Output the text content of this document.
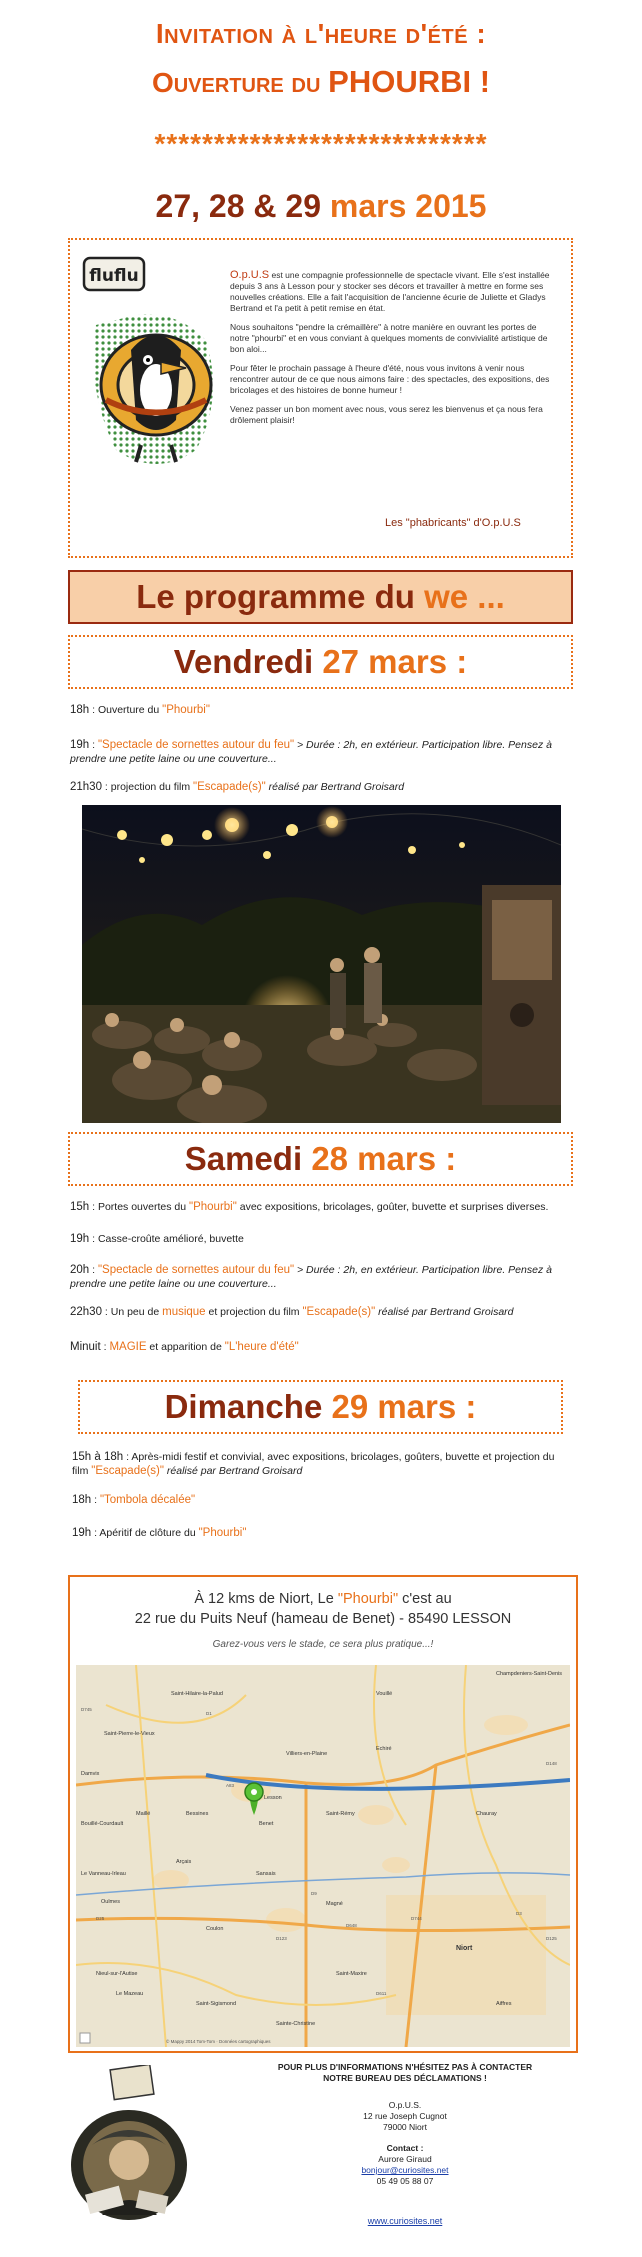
Invitation à l'heure d'été :
Ouverture du PHOURBI !
****************************
27, 28 & 29 mars 2015
fluflu	O.p.U.S est une compagnie professionnelle de spectacle vivant. Elle s'est installée depuis 3 ans à Lesson pour y stocker ses décors et travailler à mettre en forme ses nouvelles créations. Elle a fait l'acquisition de l'ancienne écurie de Juliette et Gladys Bertrand et l'a petit à petit remise en état.

Nous souhaitons "pendre la crémaillère" à notre manière en ouvrant les portes de notre "phourbi" et en vous conviant à quelques moments de convivialité artistique de bon aloi...

Pour fêter le prochain passage à l'heure d'été, nous vous invitons à venir nous rencontrer autour de ce que nous aimons faire : des spectacles, des expositions, des bricolages et des histoires de bonne humeur !

Venez passer un bon moment avec nous, vous serez les bienvenus et ça nous fera drôlement plaisir!

Les "phabricants" d'O.p.U.S
Le programme du we ...
Vendredi 27 mars :
18h : Ouverture du "Phourbi"
19h : "Spectacle de sornettes autour du feu" > Durée : 2h, en extérieur. Participation libre. Pensez à prendre une petite laine ou une couverture...
21h30 : projection du film "Escapade(s)" réalisé par Bertrand Groisard
Samedi 28 mars :
15h : Portes ouvertes du "Phourbi" avec expositions, bricolages, goûter, buvette et surprises diverses.
19h : Casse-croûte amélioré, buvette
20h : "Spectacle de sornettes autour du feu" > Durée : 2h, en extérieur. Participation libre. Pensez à prendre une petite laine ou une couverture...
22h30 : Un peu de musique et projection du film "Escapade(s)" réalisé par Bertrand Groisard
Minuit : MAGIE et apparition de "L'heure d'été"
Dimanche 29 mars :
15h à 18h : Après-midi festif et convivial, avec expositions, bricolages, goûters, buvette et projection du film "Escapade(s)" réalisé par Bertrand Groisard
18h : "Tombola décalée"
19h : Apéritif de clôture du "Phourbi"
À 12 kms de Niort, Le "Phourbi" c'est au
22 rue du Puits Neuf (hameau de Benet) - 85490 LESSON
Garez-vous vers le stade, ce sera plus pratique...!
Champdeniers-Saint-Denis
Saint-Hilaire-la-Palud	Vouillé
Saint-Pierre-le-Vieux
Villiers-en-Plaine
Echiré
Damvix
Bouillé-Courdault
Maillé	Bessines
Lesson
Benet
Saint-Rémy	Chauray
Le Vanneau-Irleau
Arçais
Sansais
Oulmes
Coulon
Magné
Niort
Saint-Maxire
Aiffres
Nieul-sur-l'Autise
Le Mazeau
Saint-Sigismond
Sainte-Christine
D745
D1
A83
D148
D25
D9
D123
D648
D611
D744
D3
D125
© Mappy 2014 Tom-Tom · Données cartographiques
POUR PLUS D'INFORMATIONS N'HÉSITEZ PAS À CONTACTER
NOTRE BUREAU DES DÉCLAMATIONS !
O.p.U.S.
12 rue Joseph Cugnot
79000 Niort
Contact :
Aurore Giraud
bonjour@curiosites.net
05 49 05 88 07
www.curiosites.net
